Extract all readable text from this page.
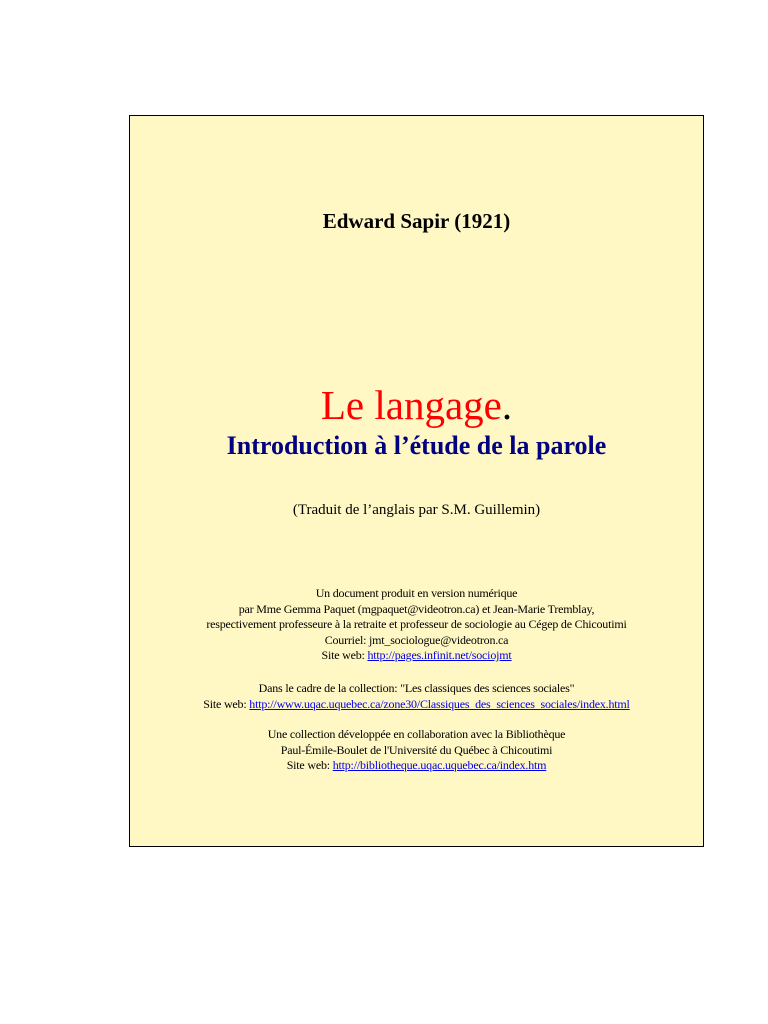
Edward Sapir (1921)
Le langage.
Introduction à l’étude de la parole
(Traduit de l’anglais par S.M. Guillemin)
Un document produit en version numérique
par Mme Gemma Paquet (mgpaquet@videotron.ca) et Jean-Marie Tremblay,
respectivement professeure à la retraite et professeur de sociologie au Cégep de Chicoutimi
Courriel: jmt_sociologue@videotron.ca
Site web: http://pages.infinit.net/sociojmt
Dans le cadre de la collection: "Les classiques des sciences sociales"
Site web: http://www.uqac.uquebec.ca/zone30/Classiques_des_sciences_sociales/index.html
Une collection développée en collaboration avec la Bibliothèque
Paul-Émile-Boulet de l'Université du Québec à Chicoutimi
Site web: http://bibliotheque.uqac.uquebec.ca/index.htm
